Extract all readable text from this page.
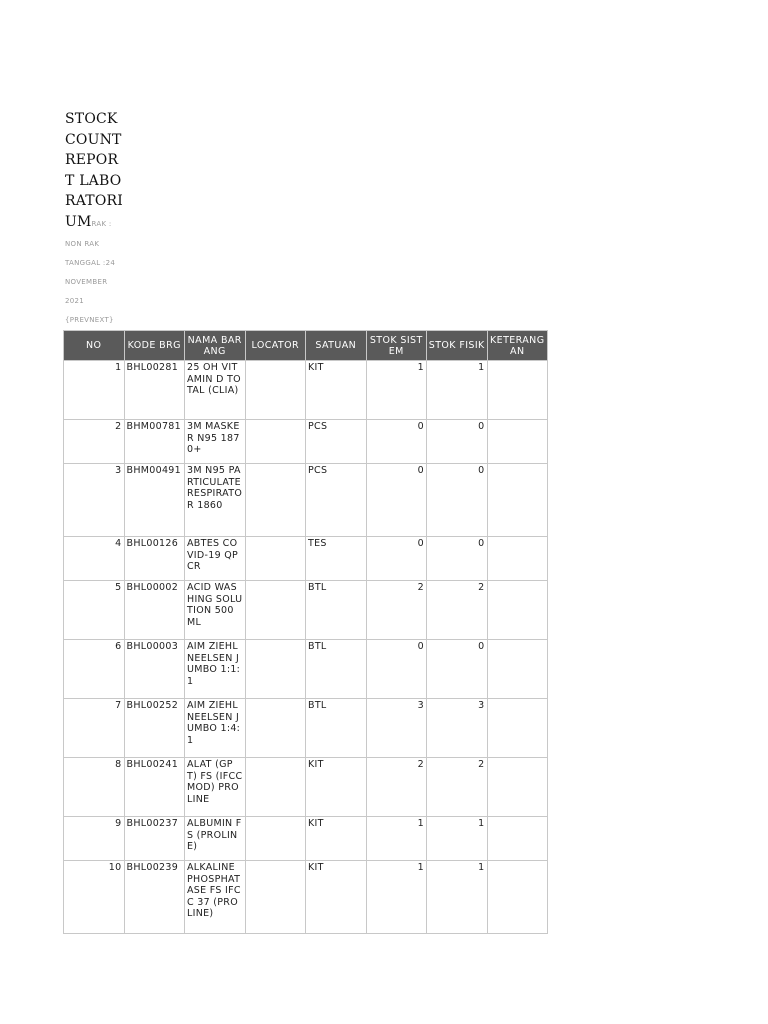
STOCK COUNT REPORT LABORATORIUMRAK : NON RAK TANGGAL :24 NOVEMBER 2021 {PREVNEXT}
NO	KODE BRG	NAMA BARANG	LOCATOR	SATUAN	STOK SISTEM	STOK FISIK	KETERANGAN
1	BHL00281	25 OH VITAMIN D TOTAL (CLIA)		KIT	1	1	
2	BHM00781	3M MASKER N95 1870+		PCS	0	0	
3	BHM00491	3M N95 PARTICULATE RESPIRATOR 1860		PCS	0	0	
4	BHL00126	ABTES COVID-19 QPCR		TES	0	0	
5	BHL00002	ACID WASHING SOLUTION 500 ML		BTL	2	2	
6	BHL00003	AIM ZIEHL NEELSEN JUMBO 1:1:1		BTL	0	0	
7	BHL00252	AIM ZIEHL NEELSEN JUMBO 1:4:1		BTL	3	3	
8	BHL00241	ALAT (GPT) FS (IFCC MOD) PROLINE		KIT	2	2	
9	BHL00237	ALBUMIN FS (PROLINE)		KIT	1	1	
10	BHL00239	ALKALINE PHOSPHATASE FS IFCC 37 (PROLINE)		KIT	1	1	
